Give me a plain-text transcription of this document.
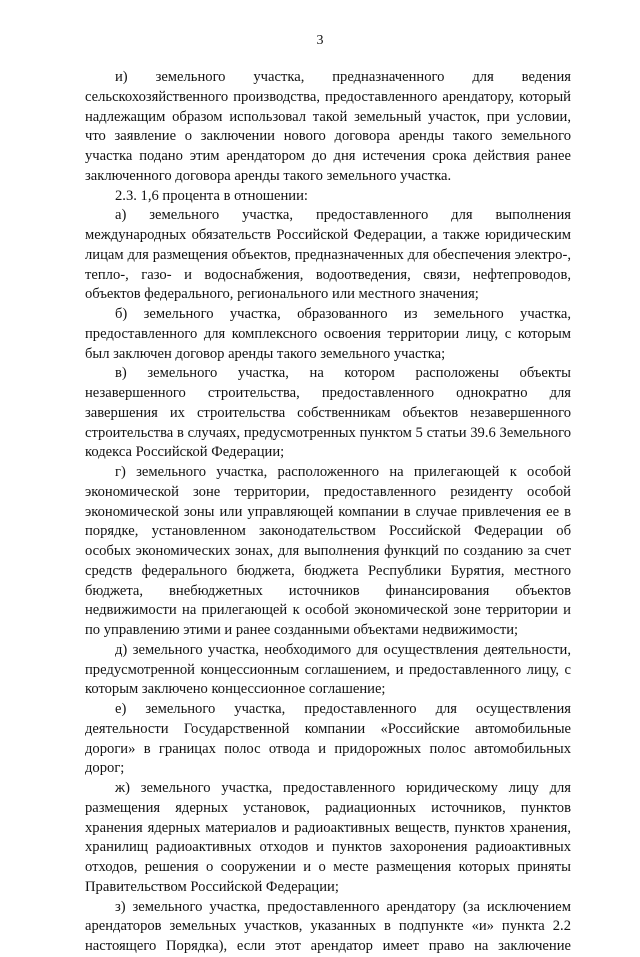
3

и) земельного участка, предназначенного для ведения сельскохозяйственного производства, предоставленного арендатору, который надлежащим образом использовал такой земельный участок, при условии, что заявление о заключении нового договора аренды такого земельного участка подано этим арендатором до дня истечения срока действия ранее заключенного договора аренды такого земельного участка.

2.3. 1,6 процента в отношении:

а) земельного участка, предоставленного для выполнения международных обязательств Российской Федерации, а также юридическим лицам для размещения объектов, предназначенных для обеспечения электро-, тепло-, газо- и водоснабжения, водоотведения, связи, нефтепроводов, объектов федерального, регионального или местного значения;

б) земельного участка, образованного из земельного участка, предоставленного для комплексного освоения территории лицу, с которым был заключен договор аренды такого земельного участка;

в) земельного участка, на котором расположены объекты незавершенного строительства, предоставленного однократно для завершения их строительства собственникам объектов незавершенного строительства в случаях, предусмотренных пунктом 5 статьи 39.6 Земельного кодекса Российской Федерации;

г) земельного участка, расположенного на прилегающей к особой экономической зоне территории, предоставленного резиденту особой экономической зоны или управляющей компании в случае привлечения ее в порядке, установленном законодательством Российской Федерации об особых экономических зонах, для выполнения функций по созданию за счет средств федерального бюджета, бюджета Республики Бурятия, местного бюджета, внебюджетных источников финансирования объектов недвижимости на прилегающей к особой экономической зоне территории и по управлению этими и ранее созданными объектами недвижимости;

д) земельного участка, необходимого для осуществления деятельности, предусмотренной концессионным соглашением, и предоставленного лицу, с которым заключено концессионное соглашение;

е) земельного участка, предоставленного для осуществления деятельности Государственной компании «Российские автомобильные дороги» в границах полос отвода и придорожных полос автомобильных дорог;

ж) земельного участка, предоставленного юридическому лицу для размещения ядерных установок, радиационных источников, пунктов хранения ядерных материалов и радиоактивных веществ, пунктов хранения, хранилищ радиоактивных отходов и пунктов захоронения радиоактивных отходов, решения о сооружении и о месте размещения которых приняты Правительством Российской Федерации;

з) земельного участка, предоставленного арендатору (за исключением арендаторов земельных участков, указанных в подпункте «и» пункта 2.2 настоящего Порядка), если этот арендатор имеет право на заключение
